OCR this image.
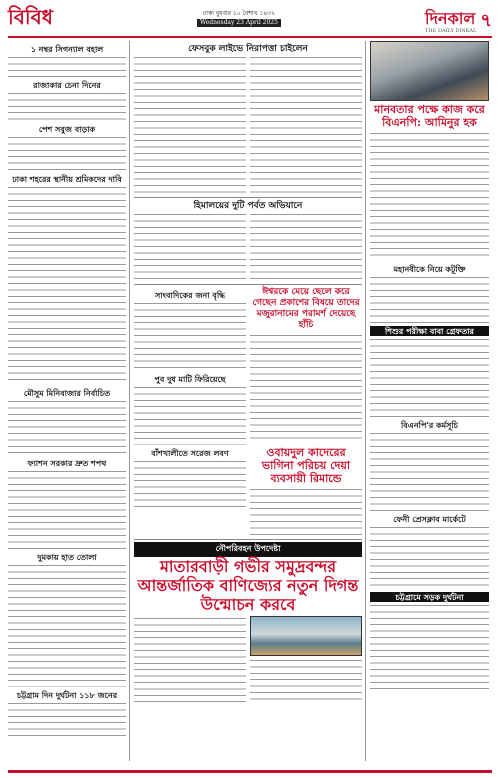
বিবিধ	ঢাকা বুধবার ১০ বৈশাখ ১৪৩২
Wednesday 23 April 2025	দিনকাল
THE DAILY DINKAL ৭
১ নম্বর সিগন্যাল বহাল
রাজাকার চেনা দিনের
পেশ সবুজ বাড়াক
ঢাকা শহরের স্থানীয় শ্রমিকদের দাবি
মৌসুম মিনিবাজার নির্বাচিত
ফ্যাশন সরকার দ্রুত শপথ
দুমকায় হাত তোলা
চট্টগ্রাম দিন দুর্ঘটনা ১১৮ জনের
ফেসবুক লাইভে নিরাপত্তা চাইলেন
হিমালয়ের দুটি পর্বত অভিযানে
সাংবাদিকের জনা বৃদ্ধি
পুব দুধ মাটি ফিরিয়েছে
বাঁশখালীতে সরেজ লবণ
ঈশ্বরকে মেয়ে ছেলে করে গেছেন প্রকাশের বিষয়ে তাদের মজুরানামের পরামর্শ দেয়েছে হাঁচি
ওবায়দুল কাদেরের ভাগিনা পরিচয় দেয়া ব্যবসায়ী রিমান্ডে
নৌপরিবহন উপদেষ্টা
মাতারবাড়ী গভীর সমুদ্রবন্দর আন্তর্জাতিক বাণিজ্যের নতুন দিগন্ত উন্মোচন করবে
মানবতার পক্ষে কাজ করে বিএনপি: আমিনুর হক
মহানবীকে নিয়ে কটূক্তি
শিশুর পরীক্ষা বাবা গ্রেফতার
বিএনপি'র কর্মসূচি
ফেনী প্রেসক্লাব মার্কেটে
চট্টগ্রামে সড়ক দুর্ঘটনা
